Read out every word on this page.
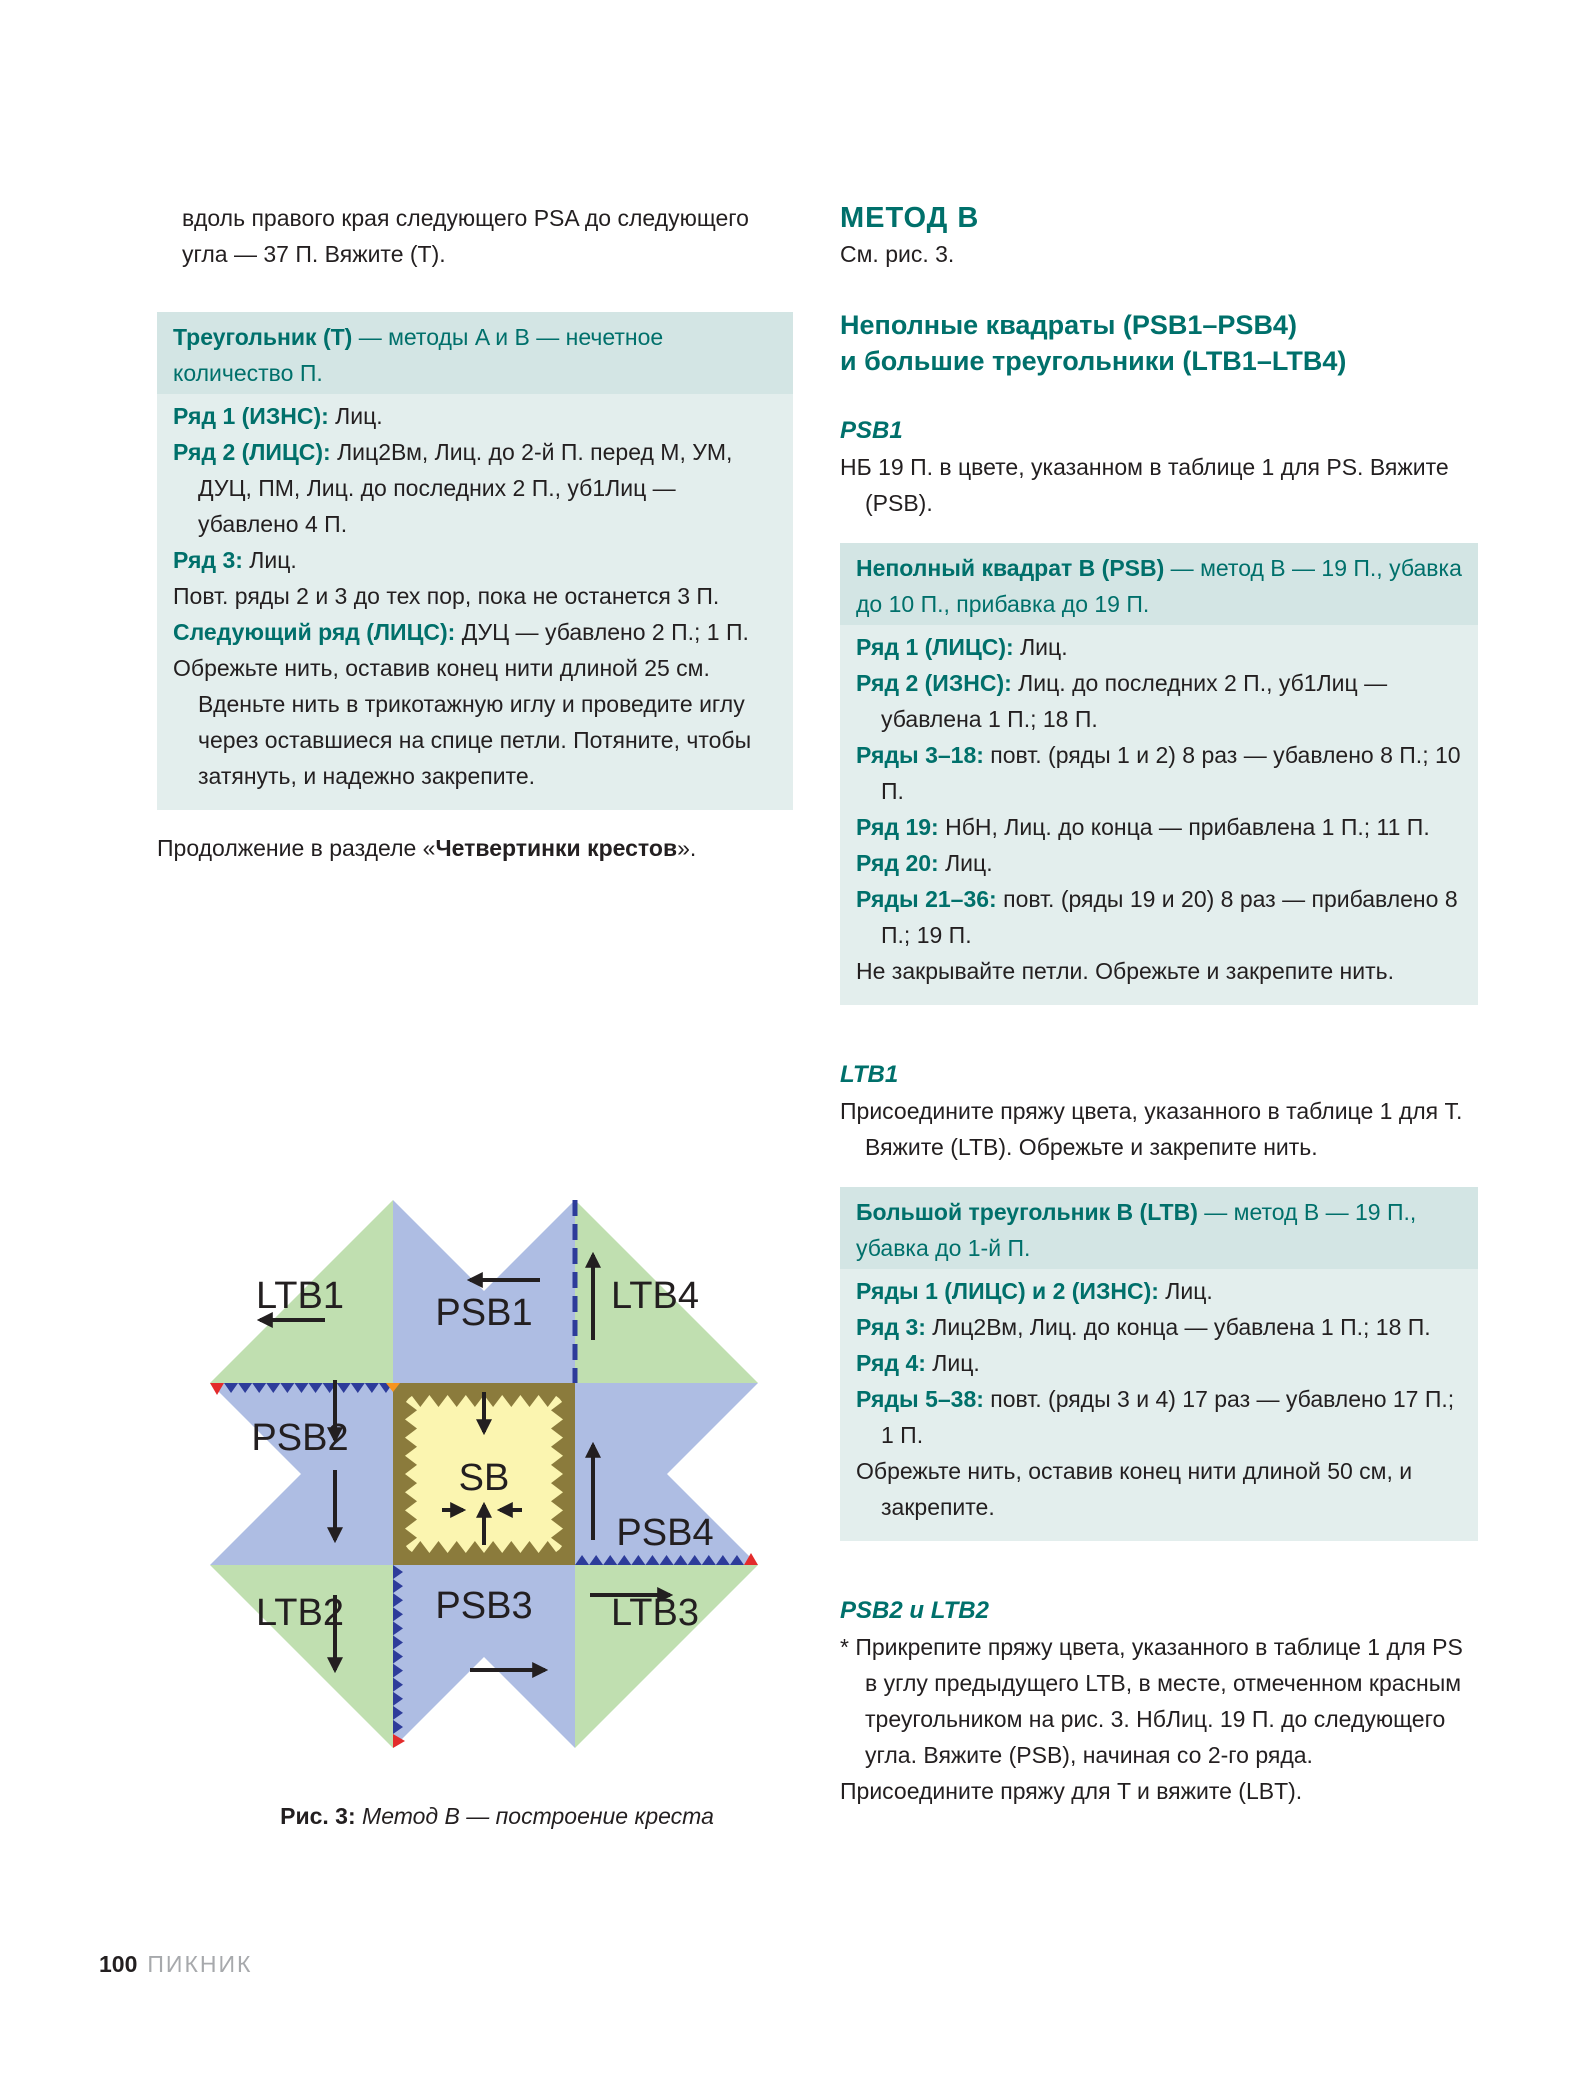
вдоль правого края следующего PSA до следующего угла — 37 П. Вяжите (T).

Треугольник (T) — методы A и B — нечетное количество П.

Ряд 1 (ИЗНС): Лиц.

Ряд 2 (ЛИЦС): Лиц2Вм, Лиц. до 2-й П. перед M, УМ, ДУЦ, ПМ, Лиц. до последних 2 П., уб1Лиц — убавлено 4 П.

Ряд 3: Лиц.

Повт. ряды 2 и 3 до тех пор, пока не останется 3 П.

Следующий ряд (ЛИЦС): ДУЦ — убавлено 2 П.; 1 П.

Обрежьте нить, оставив конец нити длиной 25 см. Вденьте нить в трикотажную иглу и проведите иглу через оставшиеся на спице петли. Потяните, чтобы затянуть, и надежно закрепите.

Продолжение в разделе «Четвертинки крестов».

МЕТОД B

См. рис. 3.

Неполные квадраты (PSB1–PSB4)
и большие треугольники (LTB1–LTB4)
PSB1

НБ 19 П. в цвете, указанном в таблице 1 для PS. Вяжите (PSB).

Неполный квадрат B (PSB) — метод B — 19 П., убавка до 10 П., прибавка до 19 П.

Ряд 1 (ЛИЦС): Лиц.

Ряд 2 (ИЗНС): Лиц. до последних 2 П., уб1Лиц — убавлена 1 П.; 18 П.

Ряды 3–18: повт. (ряды 1 и 2) 8 раз — убавлено 8 П.; 10 П.

Ряд 19: НбН, Лиц. до конца — прибавлена 1 П.; 11 П.

Ряд 20: Лиц.

Ряды 21–36: повт. (ряды 19 и 20) 8 раз — прибавлено 8 П.; 19 П.

Не закрывайте петли. Обрежьте и закрепите нить.

LTB1

Присоедините пряжу цвета, указанного в таблице 1 для T. Вяжите (LTB). Обрежьте и закрепите нить.

Большой треугольник B (LTB) — метод B — 19 П., убавка до 1-й П.

Ряды 1 (ЛИЦС) и 2 (ИЗНС): Лиц.

Ряд 3: Лиц2Вм, Лиц. до конца — убавлена 1 П.; 18 П.

Ряд 4: Лиц.

Ряды 5–38: повт. (ряды 3 и 4) 17 раз — убавлено 17 П.; 1 П.

Обрежьте нить, оставив конец нити длиной 50 см, и закрепите.

PSB2 и LTB2

* Прикрепите пряжу цвета, указанного в таблице 1 для PS в углу предыдущего LTB, в месте, отмеченном красным треугольником на рис. 3. НбЛиц. 19 П. до следующего угла. Вяжите (PSB), начиная со 2-го ряда.

Присоедините пряжу для T и вяжите (LBT).

LTB1 PSB1 LTB4
PSB2
SB
PSB4
LTB2 PSB3 LTB3

Рис. 3: Метод B — построение креста

100 ПИКНИК
